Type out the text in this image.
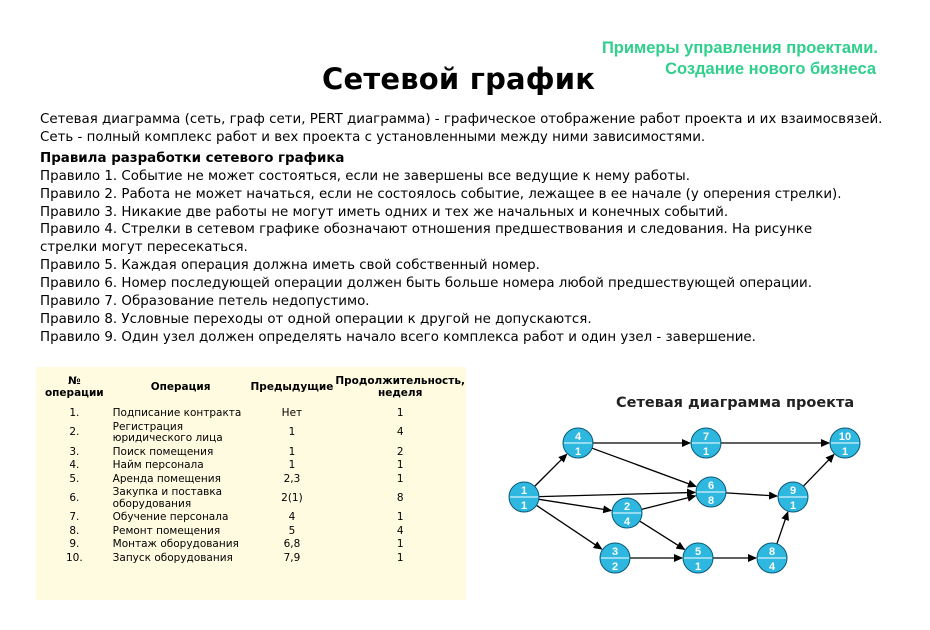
Примеры управления проектами.
Создание нового бизнеса
Сетевой график
Сетевая диаграмма (сеть, граф сети, PERT диаграмма) - графическое отображение работ проекта и их взаимосвязей.
Сеть - полный комплекс работ и вех проекта с установленными между ними зависимостями.
Правила разработки сетевого графика
Правило 1. Событие не может состояться, если не завершены все ведущие к нему работы.
Правило 2. Работа не может начаться, если не состоялось событие, лежащее в ее начале (у оперения стрелки).
Правило 3. Никакие две работы не могут иметь одних и тех же начальных и конечных событий.
Правило 4. Стрелки в сетевом графике обозначают отношения предшествования и следования. На рисунке стрелки могут пересекаться.
Правило 5. Каждая операция должна иметь свой собственный номер.
Правило 6. Номер последующей операции должен быть больше номера любой предшествующей операции.
Правило 7. Образование петель недопустимо.
Правило 8. Условные переходы от одной операции к другой не допускаются.
Правило 9. Один узел должен определять начало всего комплекса работ и один узел - завершение.
№ операции	Операция	Предыдущие	Продолжительность, неделя
1.	Подписание контракта	Нет	1
2.	Регистрация юридического лица	1	4
3.	Поиск помещения	1	2
4.	Найм персонала	1	1
5.	Аренда помещения	2,3	1
6.	Закупка и поставка оборудования	2(1)	8
7.	Обучение персонала	4	1
8.	Ремонт помещения	5	4
9.	Монтаж оборудования	6,8	1
10.	Запуск оборудования	7,9	1
Сетевая диаграмма проекта
1
1	2
4
3
2
4
1
5
1
6
8
7
1
8
4
9
1
10
1
